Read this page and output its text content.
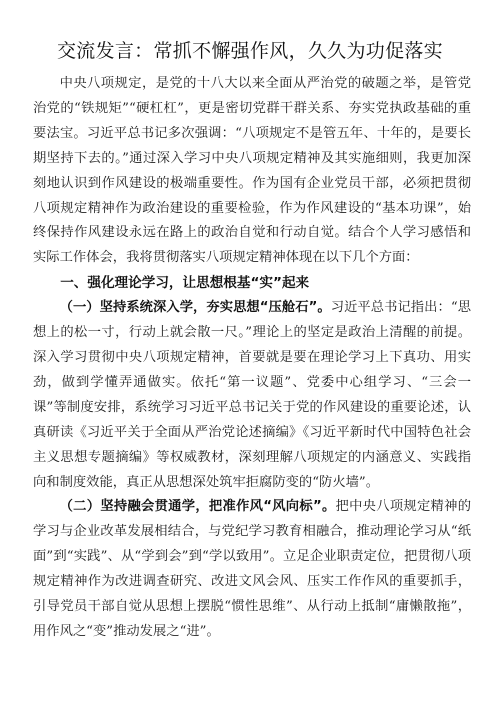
交流发言：常抓不懈强作风，久久为功促落实

中央八项规定，是党的十八大以来全面从严治党的破题之举，是管党治党的“铁规矩”“硬杠杠”，更是密切党群干群关系、夯实党执政基础的重要法宝。习近平总书记多次强调：“八项规定不是管五年、十年的，是要长期坚持下去的。”通过深入学习中央八项规定精神及其实施细则，我更加深刻地认识到作风建设的极端重要性。作为国有企业党员干部，必须把贯彻八项规定精神作为政治建设的重要检验，作为作风建设的“基本功课”，始终保持作风建设永远在路上的政治自觉和行动自觉。结合个人学习感悟和实际工作体会，我将贯彻落实八项规定精神体现在以下几个方面：

一、强化理论学习，让思想根基“实”起来

（一）坚持系统深入学，夯实思想“压舱石”。习近平总书记指出：“思想上的松一寸，行动上就会散一尺。”理论上的坚定是政治上清醒的前提。深入学习贯彻中央八项规定精神，首要就是要在理论学习上下真功、用实劲，做到学懂弄通做实。依托“第一议题”、党委中心组学习、“三会一课”等制度安排，系统学习习近平总书记关于党的作风建设的重要论述，认真研读《习近平关于全面从严治党论述摘编》《习近平新时代中国特色社会主义思想专题摘编》等权威教材，深刻理解八项规定的内涵意义、实践指向和制度效能，真正从思想深处筑牢拒腐防变的“防火墙”。

（二）坚持融会贯通学，把准作风“风向标”。把中央八项规定精神的学习与企业改革发展相结合，与党纪学习教育相融合，推动理论学习从“纸面”到“实践”、从“学到会”到“学以致用”。立足企业职责定位，把贯彻八项规定精神作为改进调查研究、改进文风会风、压实工作作风的重要抓手，引导党员干部自觉从思想上摆脱“惯性思维”、从行动上抵制“庸懒散拖”，用作风之“变”推动发展之“进”。
